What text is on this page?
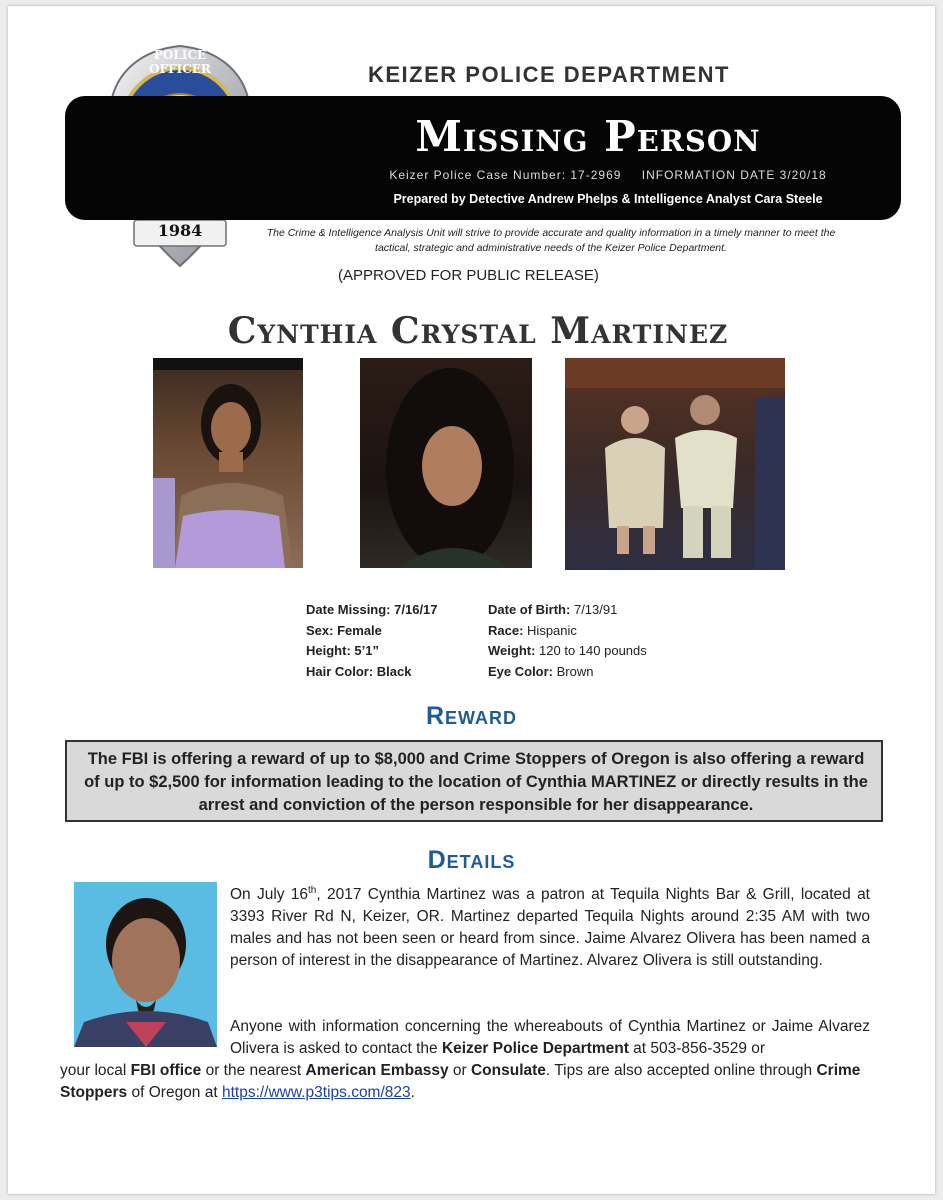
POLICE OFFICER
1984
KEIZER POLICE DEPARTMENT
Missing Person
Keizer Police Case Number: 17-2969 INFORMATION DATE 3/20/18
Prepared by Detective Andrew Phelps & Intelligence Analyst Cara Steele
The Crime & Intelligence Analysis Unit will strive to provide accurate and quality information in a timely manner to meet the tactical, strategic and administrative needs of the Keizer Police Department.
(APPROVED FOR PUBLIC RELEASE)
Cynthia Crystal Martinez
Date Missing: 7/16/17
Sex: Female
Height: 5’1”
Hair Color: Black
Date of Birth: 7/13/91
Race: Hispanic
Weight: 120 to 140 pounds
Eye Color: Brown
Reward
The FBI is offering a reward of up to $8,000 and Crime Stoppers of Oregon is also offering a reward of up to $2,500 for information leading to the location of Cynthia MARTINEZ or directly results in the arrest and conviction of the person responsible for her disappearance.
Details
On July 16th, 2017 Cynthia Martinez was a patron at Tequila Nights Bar & Grill, located at 3393 River Rd N, Keizer, OR. Martinez departed Tequila Nights around 2:35 AM with two males and has not been seen or heard from since. Jaime Alvarez Olivera has been named a person of interest in the disappearance of Martinez. Alvarez Olivera is still outstanding.
Anyone with information concerning the whereabouts of Cynthia Martinez or Jaime Alvarez Olivera is asked to contact the Keizer Police Department at 503-856-3529 or
your local FBI office or the nearest American Embassy or Consulate. Tips are also accepted online through Crime Stoppers of Oregon at https://www.p3tips.com/823.
